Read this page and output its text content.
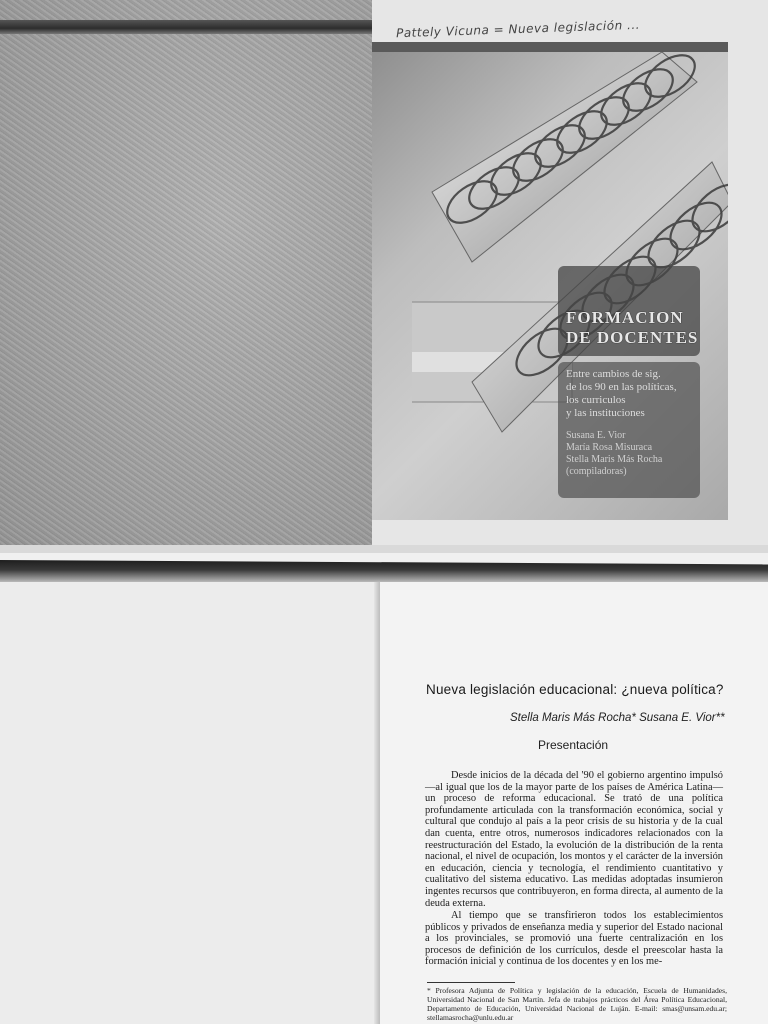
Pattely Vicuna = Nueva legislación ...
FORMACION
DE DOCENTES
Entre cambios de sig.
de los 90 en las políticas,
los curriculos
y las instituciones
Susana E. Vior
María Rosa Misuraca
Stella Maris Más Rocha
(compiladoras)
Nueva legislación educacional: ¿nueva política?
Stella Maris Más Rocha* Susana E. Vior**
Presentación
Desde inicios de la década del '90 el gobierno argentino impulsó —al igual que los de la mayor parte de los países de América Latina— un proceso de reforma educacional. Se trató de una política profundamente articulada con la transformación económica, social y cultural que condujo al país a la peor crisis de su historia y de la cual dan cuenta, entre otros, numerosos indicadores relacionados con la reestructuración del Estado, la evolución de la distribución de la renta nacional, el nivel de ocupación, los montos y el carácter de la inversión en educación, ciencia y tecnología, el rendimiento cuantitativo y cualitativo del sistema educativo. Las medidas adoptadas insumieron ingentes recursos que contribuyeron, en forma directa, al aumento de la deuda externa.
Al tiempo que se transfirieron todos los establecimientos públicos y privados de enseñanza media y superior del Estado nacional a los provinciales, se promovió una fuerte centralización en los procesos de definición de los currículos, desde el preescolar hasta la formación inicial y continua de los docentes y en los me-
* Profesora Adjunta de Política y legislación de la educación, Escuela de Humanidades, Universidad Nacional de San Martín. Jefa de trabajos prácticos del Área Política Educacional, Departamento de Educación, Universidad Nacional de Luján. E-mail: smas@unsam.edu.ar; stellamasrocha@unlu.edu.ar
